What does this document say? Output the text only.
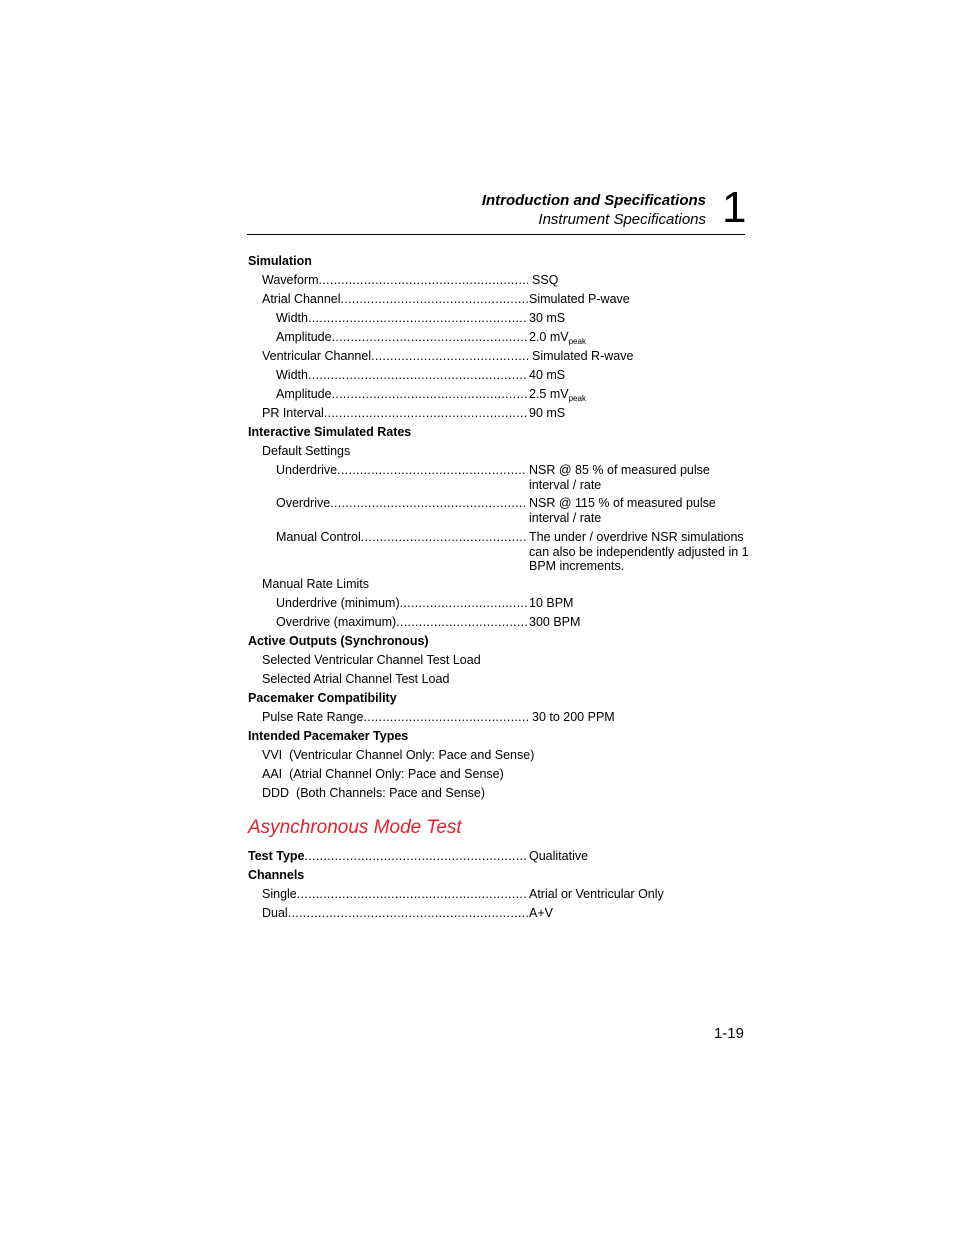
Introduction and Specifications
Instrument Specifications 1
Simulation
Waveform .....	SSQ
Atrial Channel .....	Simulated P-wave
Width .....	30 mS
Amplitude .....	2.0 $mV_{peak}$
Ventricular Channel .....	Simulated R-wave
Width .....	40 mS
Amplitude .....	2.5 $mV_{peak}$
PR Interval .....	90 mS
Interactive Simulated Rates
Default Settings
Underdrive .....	NSR @ 85 % of measured pulse interval / rate
Overdrive .....	NSR @ 115 % of measured pulse interval / rate
Manual Control .....	The under / overdrive NSR simulations can also be independently adjusted in 1 BPM increments.
Manual Rate Limits
Underdrive (minimum) .....	10 BPM
Overdrive (maximum) .....	300 BPM
Active Outputs (Synchronous)
Selected Ventricular Channel Test Load
Selected Atrial Channel Test Load
Pacemaker Compatibility
Pulse Rate Range .....	30 to 200 PPM
Intended Pacemaker Types
VVI  (Ventricular Channel Only: Pace and Sense)
AAI  (Atrial Channel Only: Pace and Sense)
DDD  (Both Channels: Pace and Sense)
Asynchronous Mode Test
Test Type .....	Qualitative
Channels
Single .....	Atrial or Ventricular Only
Dual .....	A+V
1-19
